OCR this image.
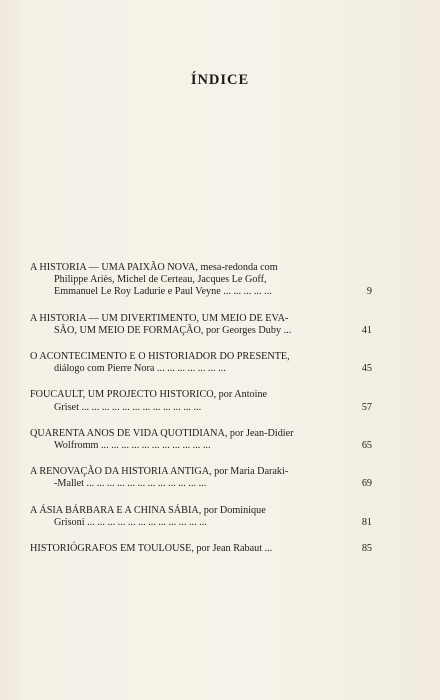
ÍNDICE
A HISTORIA — UMA PAIXÃO NOVA, mesa-redonda com
Philippe Ariès, Michel de Certeau, Jacques Le Goff,
Emmanuel Le Roy Ladurie e Paul Veyne ... ... ... ... ...	9
A HISTORIA — UM DIVERTIMENTO, UM MEIO DE EVA-
SÃO, UM MEIO DE FORMAÇÃO, por Georges Duby ...	41
O ACONTECIMENTO E O HISTORIADOR DO PRESENTE,
diálogo com Pierre Nora ... ... ... ... ... ... ...	45
FOUCAULT, UM PROJECTO HISTORICO, por Antoine
Griset ... ... ... ... ... ... ... ... ... ... ... ...	57
QUARENTA ANOS DE VIDA QUOTIDIANA, por Jean-Didier
Wolfromm ... ... ... ... ... ... ... ... ... ... ...	65
A RENOVAÇÃO DA HISTORIA ANTIGA, por Maria Daraki-
-Mallet ... ... ... ... ... ... ... ... ... ... ... ...	69
A ÁSIA BÁRBARA E A CHINA SÁBIA, por Dominique
Grisoni ... ... ... ... ... ... ... ... ... ... ... ...	81
HISTORIÓGRAFOS EM TOULOUSE, por Jean Rabaut ...	85
